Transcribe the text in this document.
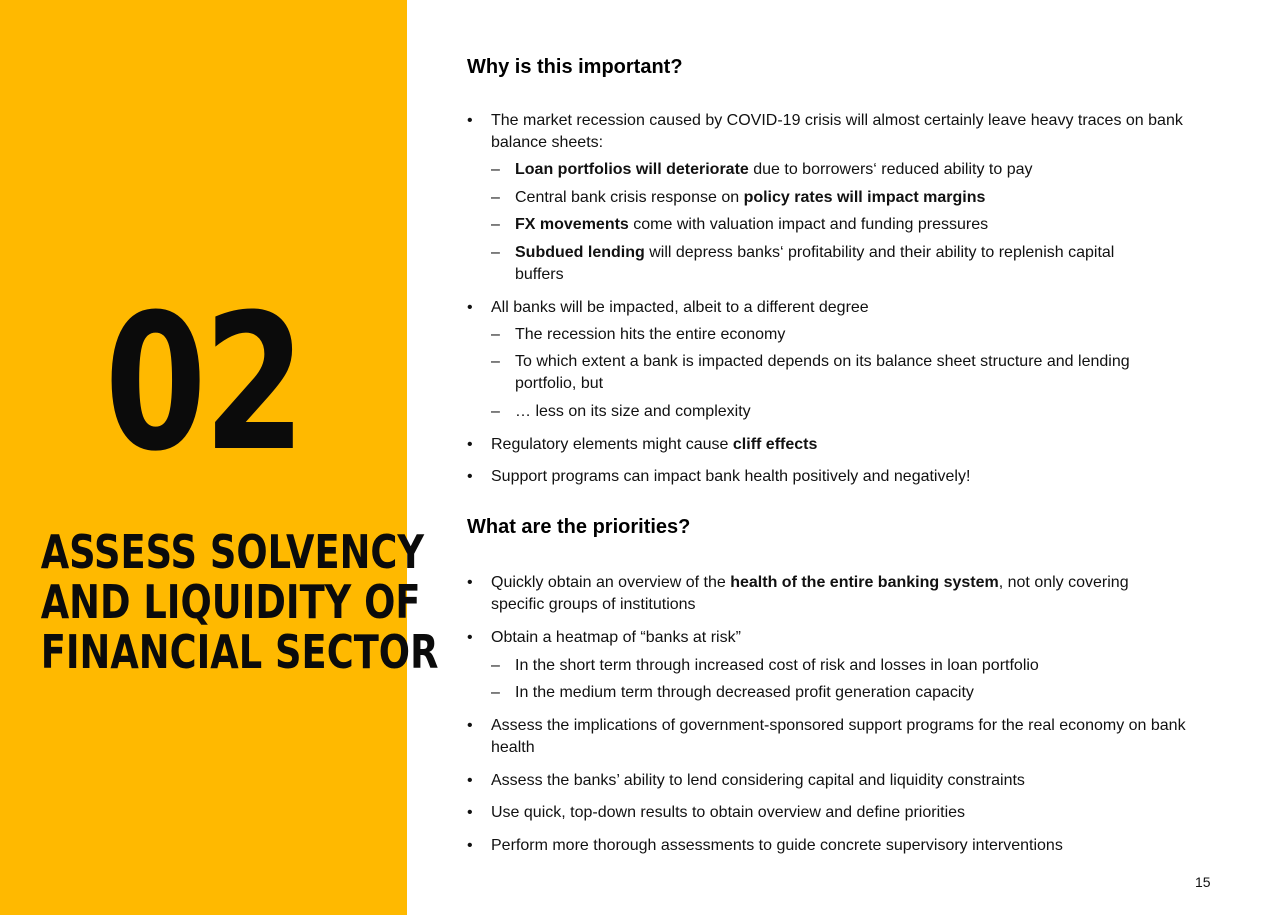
02
ASSESS SOLVENCY
AND LIQUIDITY OF
FINANCIAL SECTOR
Why is this important?
•	The market recession caused by COVID-19 crisis will almost certainly leave heavy traces on bank balance sheets:
– Loan portfolios will deteriorate due to borrowers‘ reduced ability to pay
– Central bank crisis response on policy rates will impact margins
– FX movements come with valuation impact and funding pressures
– Subdued lending will depress banks‘ profitability and their ability to replenish capital buffers
•	All banks will be impacted, albeit to a different degree
– The recession hits the entire economy
– To which extent a bank is impacted depends on its balance sheet structure and lending portfolio, but
– … less on its size and complexity
•	Regulatory elements might cause cliff effects
•	Support programs can impact bank health positively and negatively!
What are the priorities?
•	Quickly obtain an overview of the health of the entire banking system, not only covering specific groups of institutions
•	Obtain a heatmap of “banks at risk”
– In the short term through increased cost of risk and losses in loan portfolio
– In the medium term through decreased profit generation capacity
•	Assess the implications of government-sponsored support programs for the real economy on bank health
•	Assess the banks’ ability to lend considering capital and liquidity constraints
•	Use quick, top-down results to obtain overview and define priorities
•	Perform more thorough assessments to guide concrete supervisory interventions
15
